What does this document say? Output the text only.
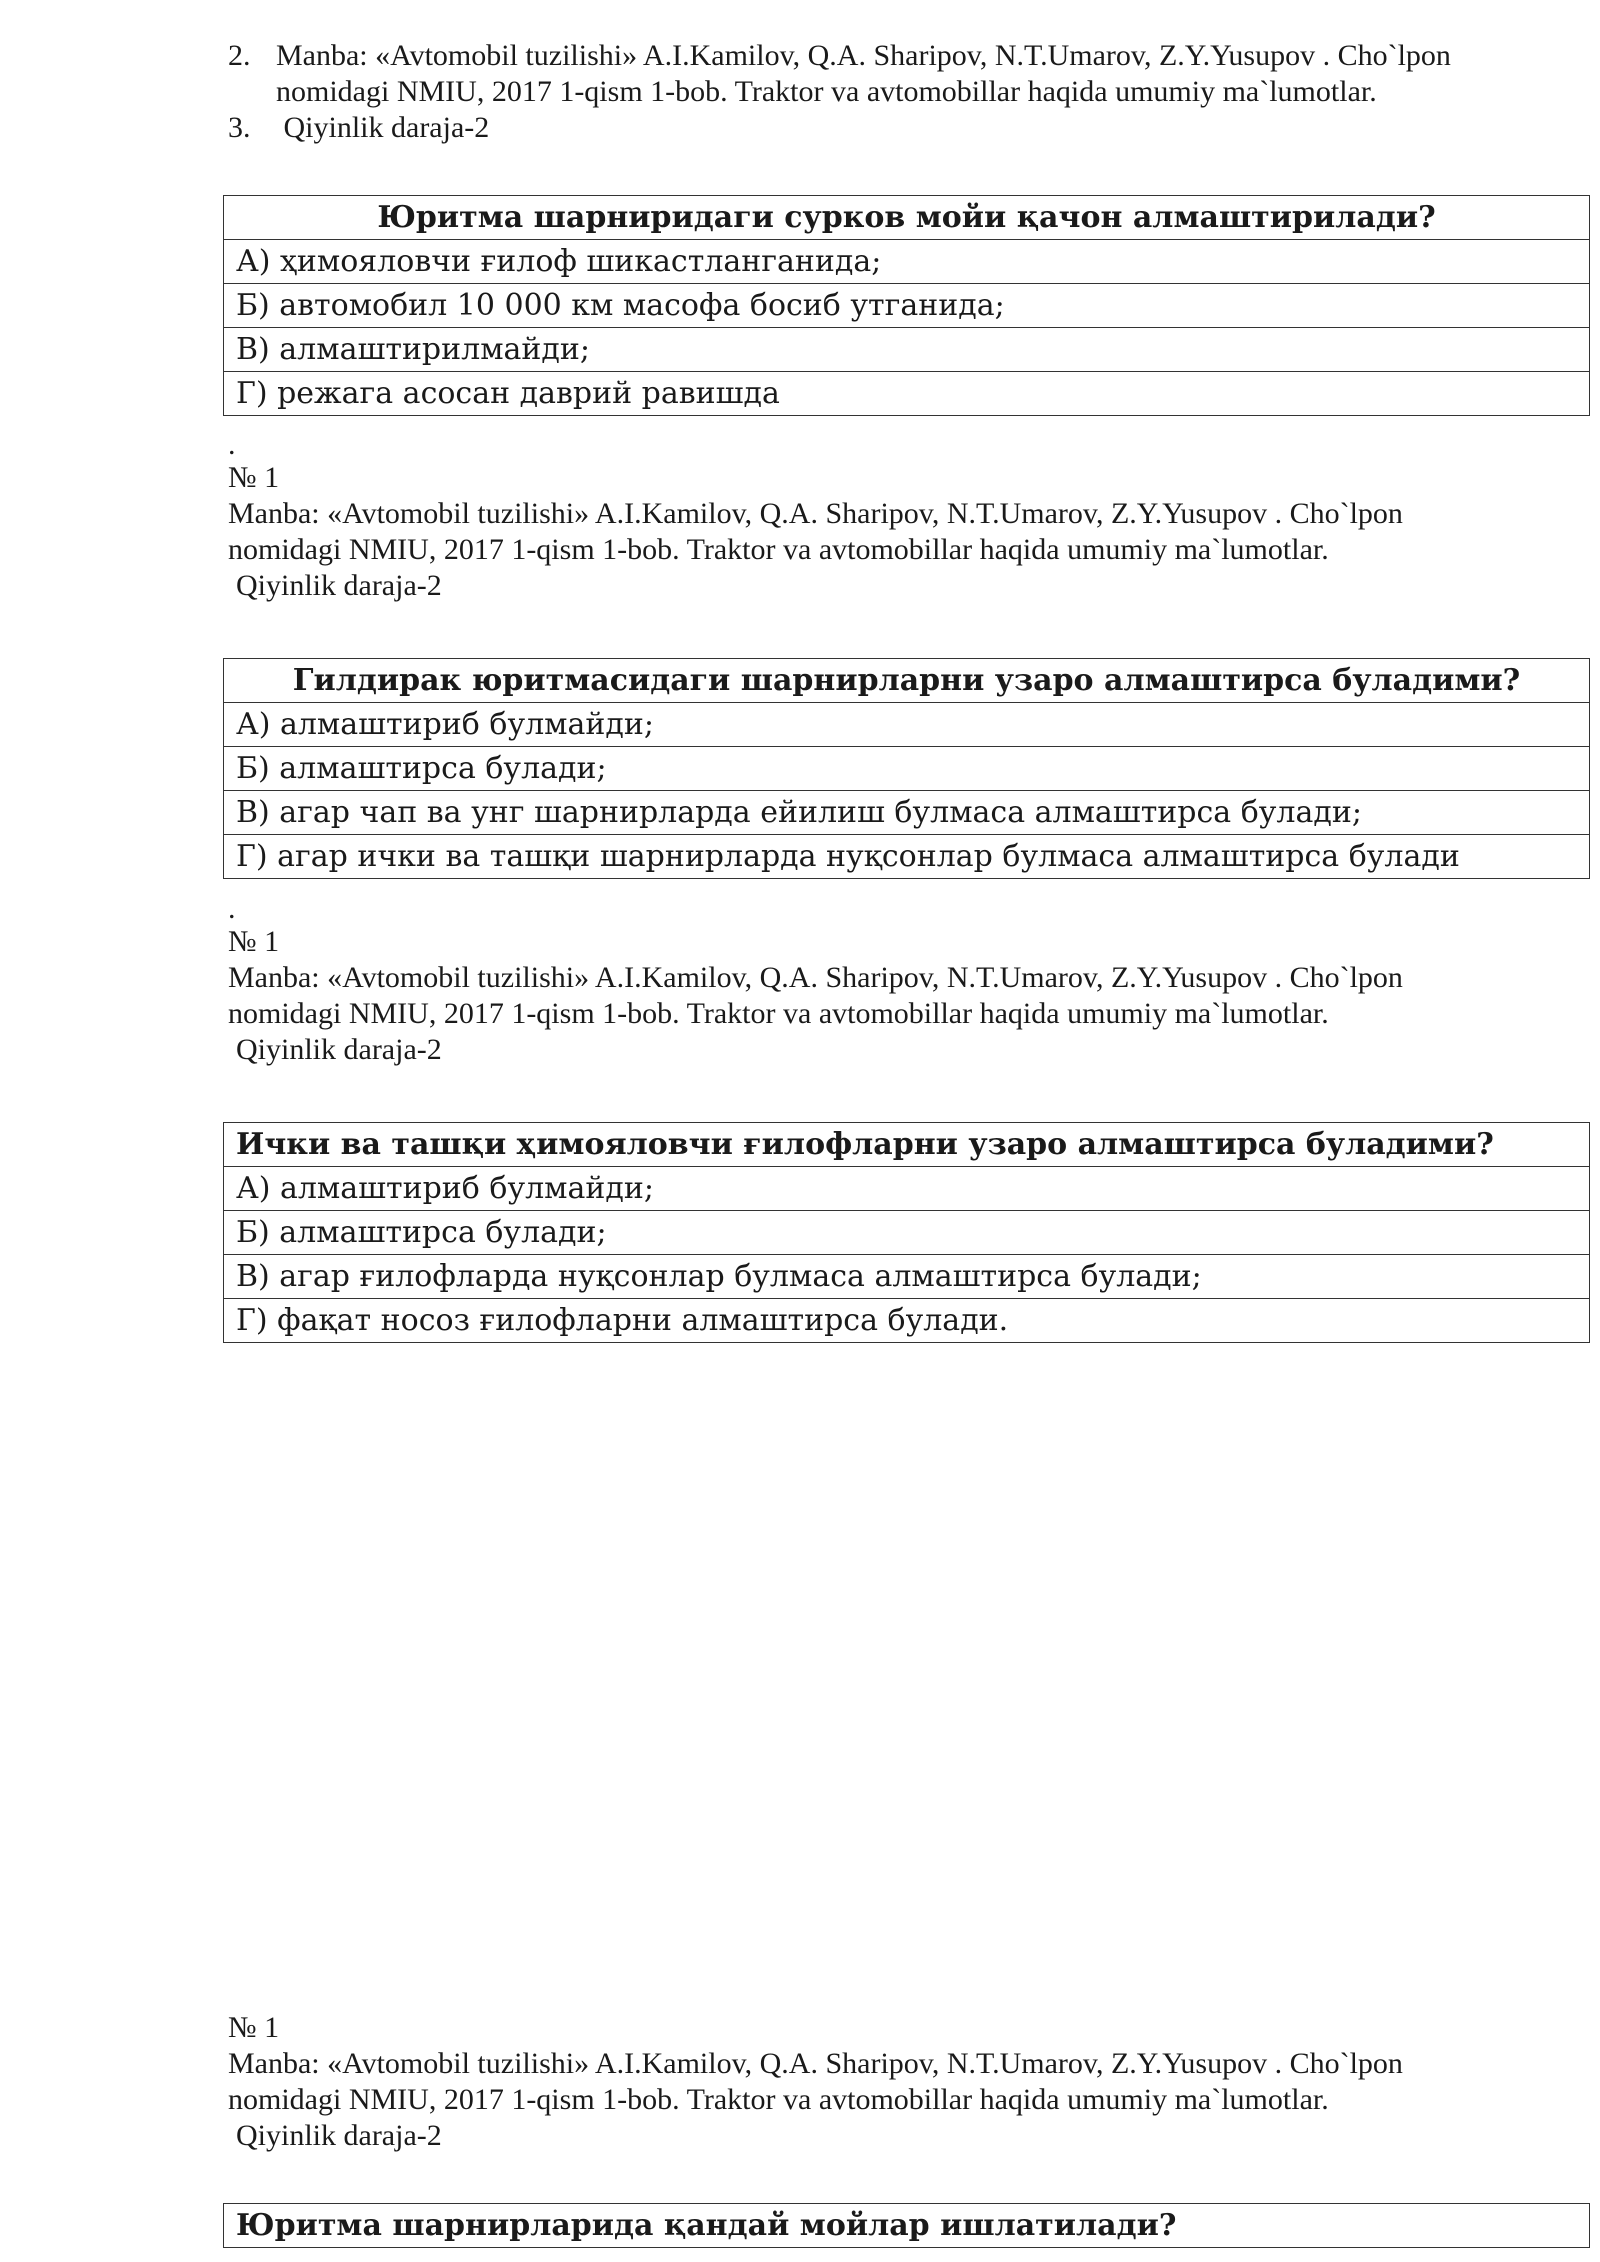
2. Manba: «Avtomobil tuzilishi» A.I.Kamilov, Q.A. Sharipov, N.T.Umarov, Z.Y.Yusupov . Cho`lpon
nomidagi NMIU, 2017 1-qism 1-bob. Traktor va avtomobillar haqida umumiy ma`lumotlar.
3. Qiyinlik daraja-2
Юритма шарниридаги сурков мойи қачон алмаштирилади?
А) ҳимояловчи ғилоф шикастланганида;
Б) автомобил 10 000 км масофа босиб утганида;
В) алмаштирилмайди;
Г) режага асосан даврий равишда
.
№ 1
Manba: «Avtomobil tuzilishi» A.I.Kamilov, Q.A. Sharipov, N.T.Umarov, Z.Y.Yusupov . Cho`lpon
nomidagi NMIU, 2017 1-qism 1-bob. Traktor va avtomobillar haqida umumiy ma`lumotlar.
Qiyinlik daraja-2
Гилдирак юритмасидаги шарнирларни узаро алмаштирса буладими?
А) алмаштириб булмайди;
Б) алмаштирса булади;
В) агар чап ва унг шарнирларда ейилиш булмаса алмаштирса булади;
Г) агар ички ва ташқи шарнирларда нуқсонлар булмаса алмаштирса булади
.
№ 1
Manba: «Avtomobil tuzilishi» A.I.Kamilov, Q.A. Sharipov, N.T.Umarov, Z.Y.Yusupov . Cho`lpon
nomidagi NMIU, 2017 1-qism 1-bob. Traktor va avtomobillar haqida umumiy ma`lumotlar.
Qiyinlik daraja-2
Ички ва ташқи ҳимояловчи ғилофларни узаро алмаштирса буладими?
А) алмаштириб булмайди;
Б) алмаштирса булади;
В) агар ғилофларда нуқсонлар булмаса алмаштирса булади;
Г) фақат носоз ғилофларни алмаштирса булади.
№ 1
Manba: «Avtomobil tuzilishi» A.I.Kamilov, Q.A. Sharipov, N.T.Umarov, Z.Y.Yusupov . Cho`lpon
nomidagi NMIU, 2017 1-qism 1-bob. Traktor va avtomobillar haqida umumiy ma`lumotlar.
Qiyinlik daraja-2
Юритма шарнирларида қандай мойлар ишлатилади?
